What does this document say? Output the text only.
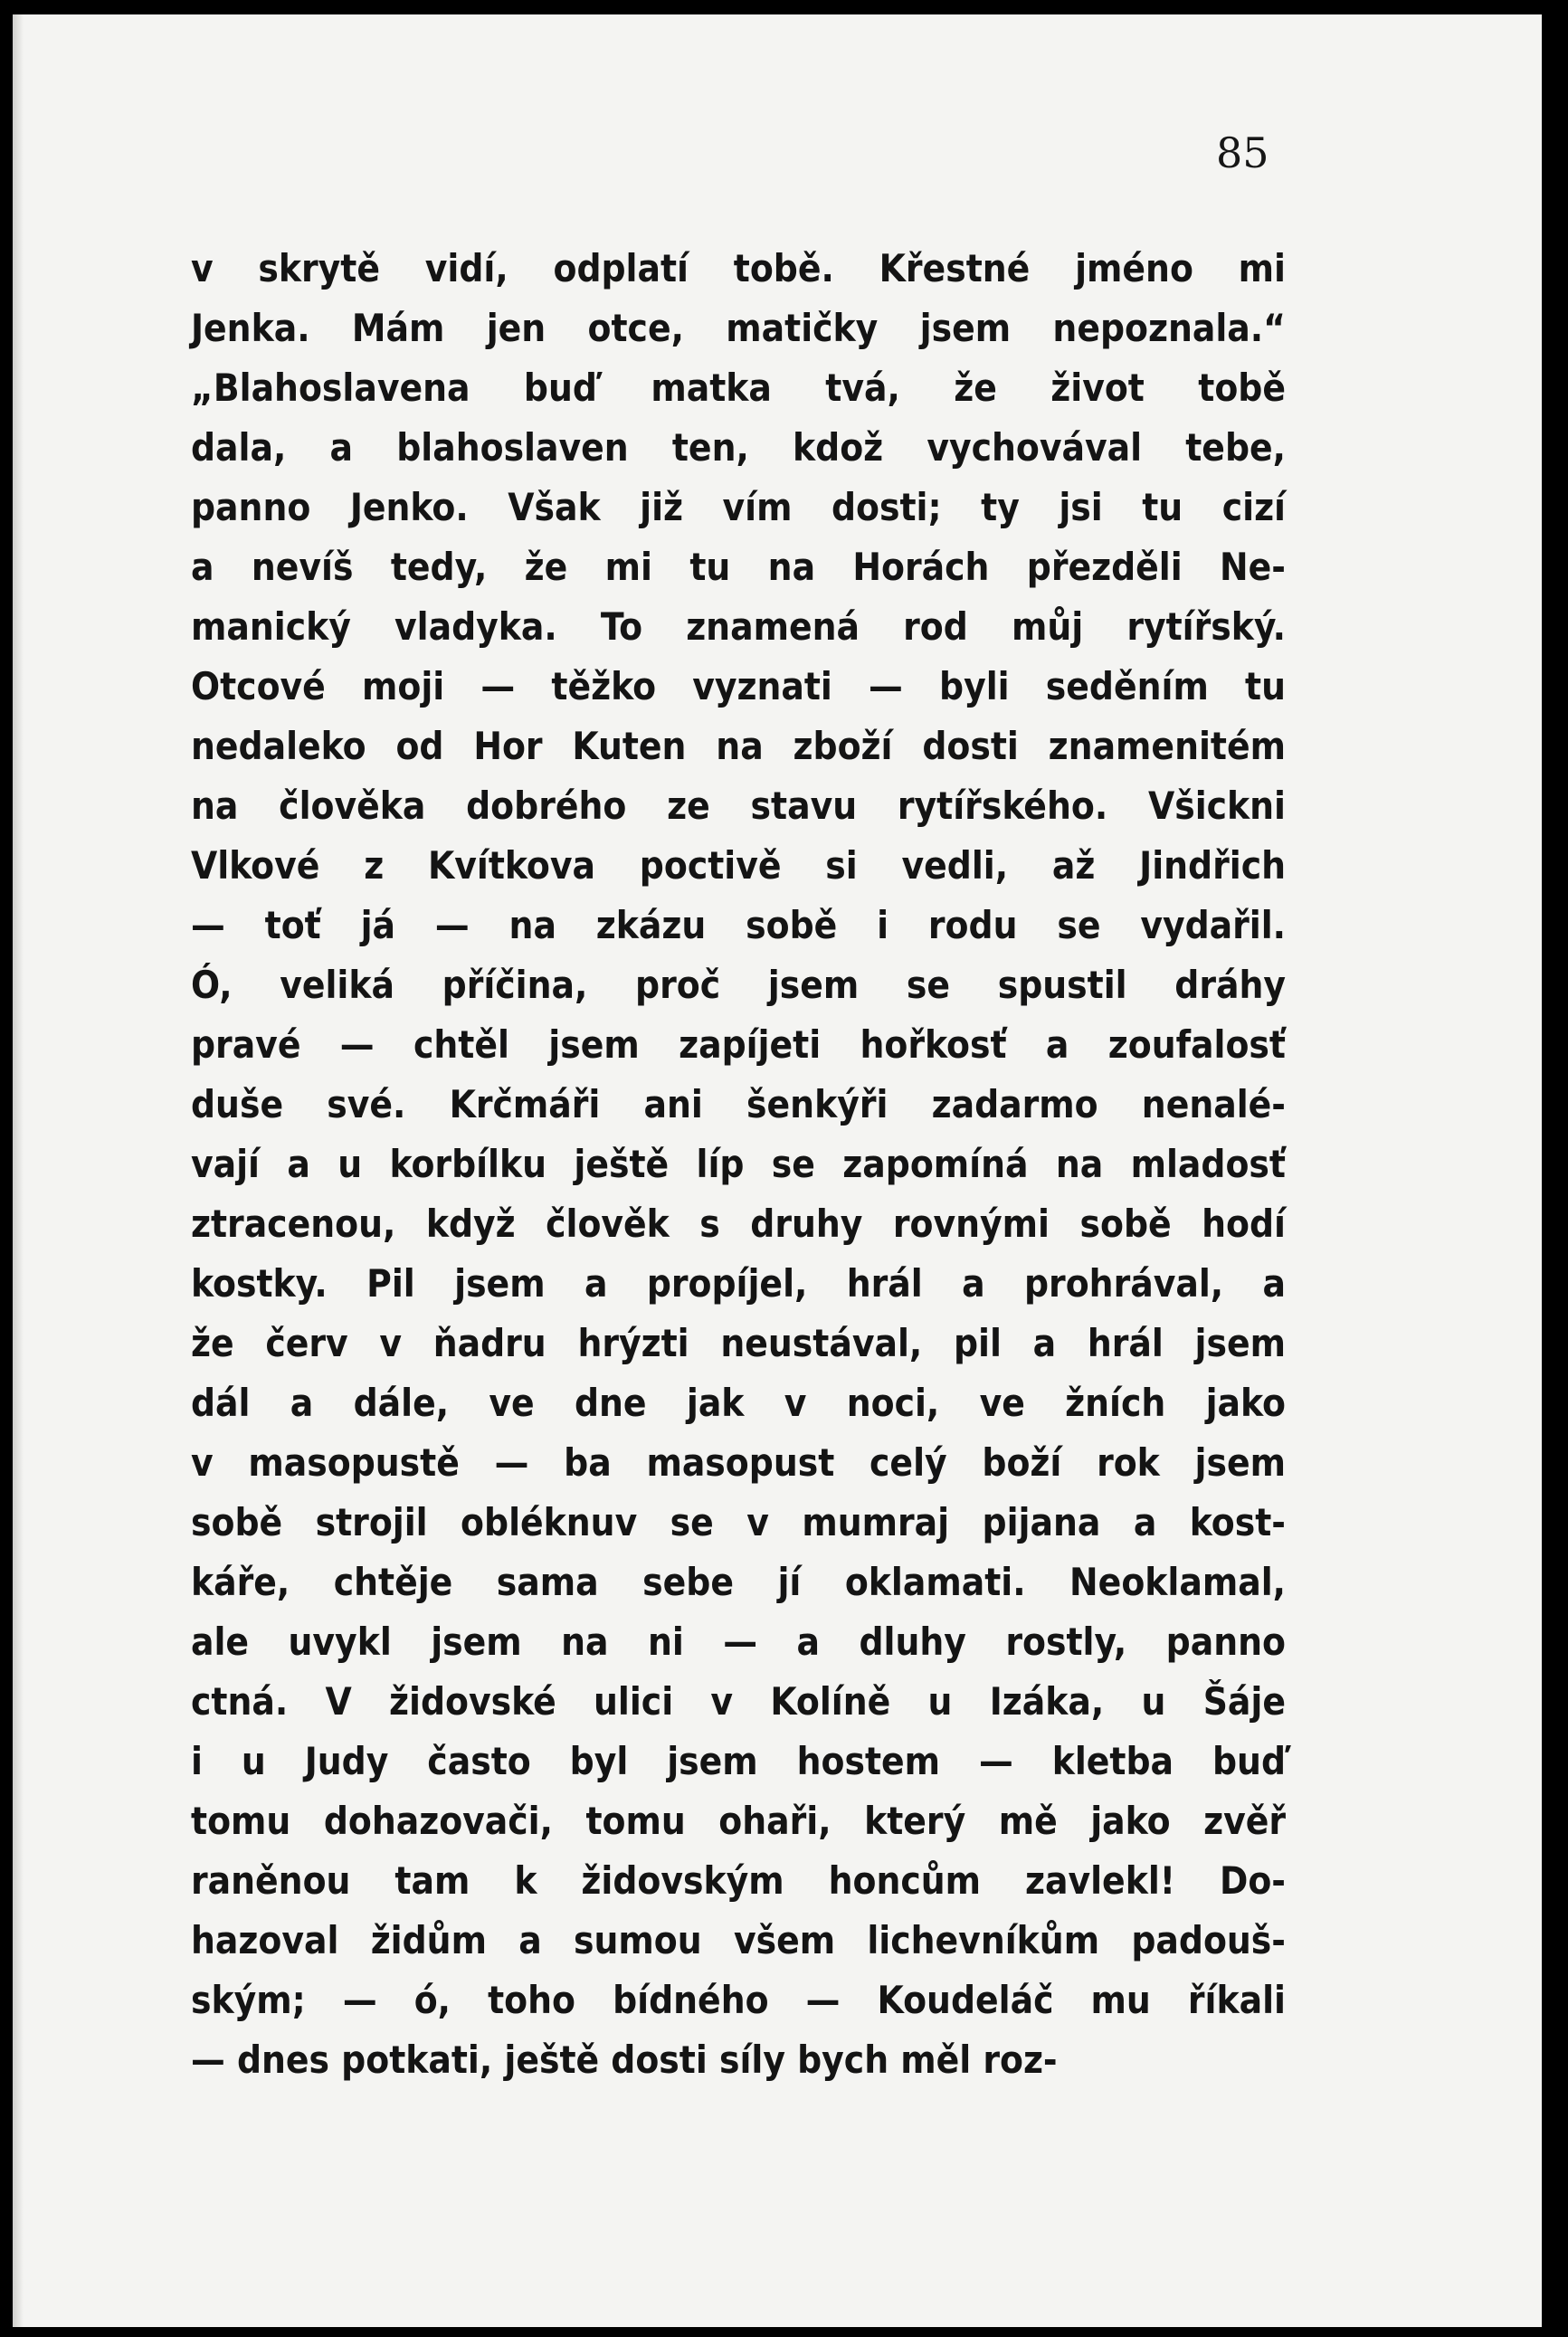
85
v skrytě vidí, odplatí tobě. Křestné jméno mi
Jenka. Mám jen otce, matičky jsem nepoznala.“
„Blahoslavena buď matka tvá, že život tobě
dala, a blahoslaven ten, kdož vychovával tebe,
panno Jenko. Však již vím dosti; ty jsi tu cizí
a nevíš tedy, že mi tu na Horách přezděli Ne-
manický vladyka. To znamená rod můj rytířský.
Otcové moji — těžko vyznati — byli seděním tu
nedaleko od Hor Kuten na zboží dosti znamenitém
na člověka dobrého ze stavu rytířského. Všickni
Vlkové z Kvítkova poctivě si vedli, až Jindřich
— toť já — na zkázu sobě i rodu se vydařil.
Ó, veliká příčina, proč jsem se spustil dráhy
pravé — chtěl jsem zapíjeti hořkosť a zoufalosť
duše své. Krčmáři ani šenkýři zadarmo nenalé-
vají a u korbílku ještě líp se zapomíná na mladosť
ztracenou, když člověk s druhy rovnými sobě hodí
kostky. Pil jsem a propíjel, hrál a prohrával, a
že červ v ňadru hrýzti neustával, pil a hrál jsem
dál a dále, ve dne jak v noci, ve žních jako
v masopustě — ba masopust celý boží rok jsem
sobě strojil obléknuv se v mumraj pijana a kost-
káře, chtěje sama sebe jí oklamati. Neoklamal,
ale uvykl jsem na ni — a dluhy rostly, panno
ctná. V židovské ulici v Kolíně u Izáka, u Šáje
i u Judy často byl jsem hostem — kletba buď
tomu dohazovači, tomu ohaři, který mě jako zvěř
raněnou tam k židovským honcům zavlekl! Do-
hazoval židům a sumou všem lichevníkům padouš-
ským; — ó, toho bídného — Koudeláč mu říkali
— dnes potkati, ještě dosti síly bych měl roz-
